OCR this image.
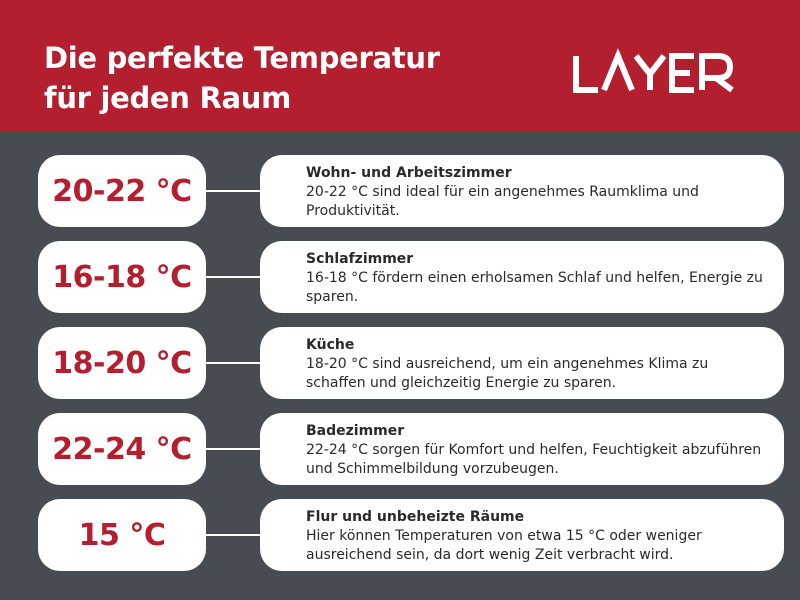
Die perfekte Temperatur
für jeden Raum
20-22 °C
Wohn- und Arbeitszimmer
20-22 °C sind ideal für ein angenehmes Raumklima und Produktivität.
16-18 °C
Schlafzimmer
16-18 °C fördern einen erholsamen Schlaf und helfen, Energie zu sparen.
18-20 °C
Küche
18-20 °C sind ausreichend, um ein angenehmes Klima zu schaffen und gleichzeitig Energie zu sparen.
22-24 °C
Badezimmer
22-24 °C sorgen für Komfort und helfen, Feuchtigkeit abzuführen und Schimmelbildung vorzubeugen.
15 °C
Flur und unbeheizte Räume
Hier können Temperaturen von etwa 15 °C oder weniger ausreichend sein, da dort wenig Zeit verbracht wird.
